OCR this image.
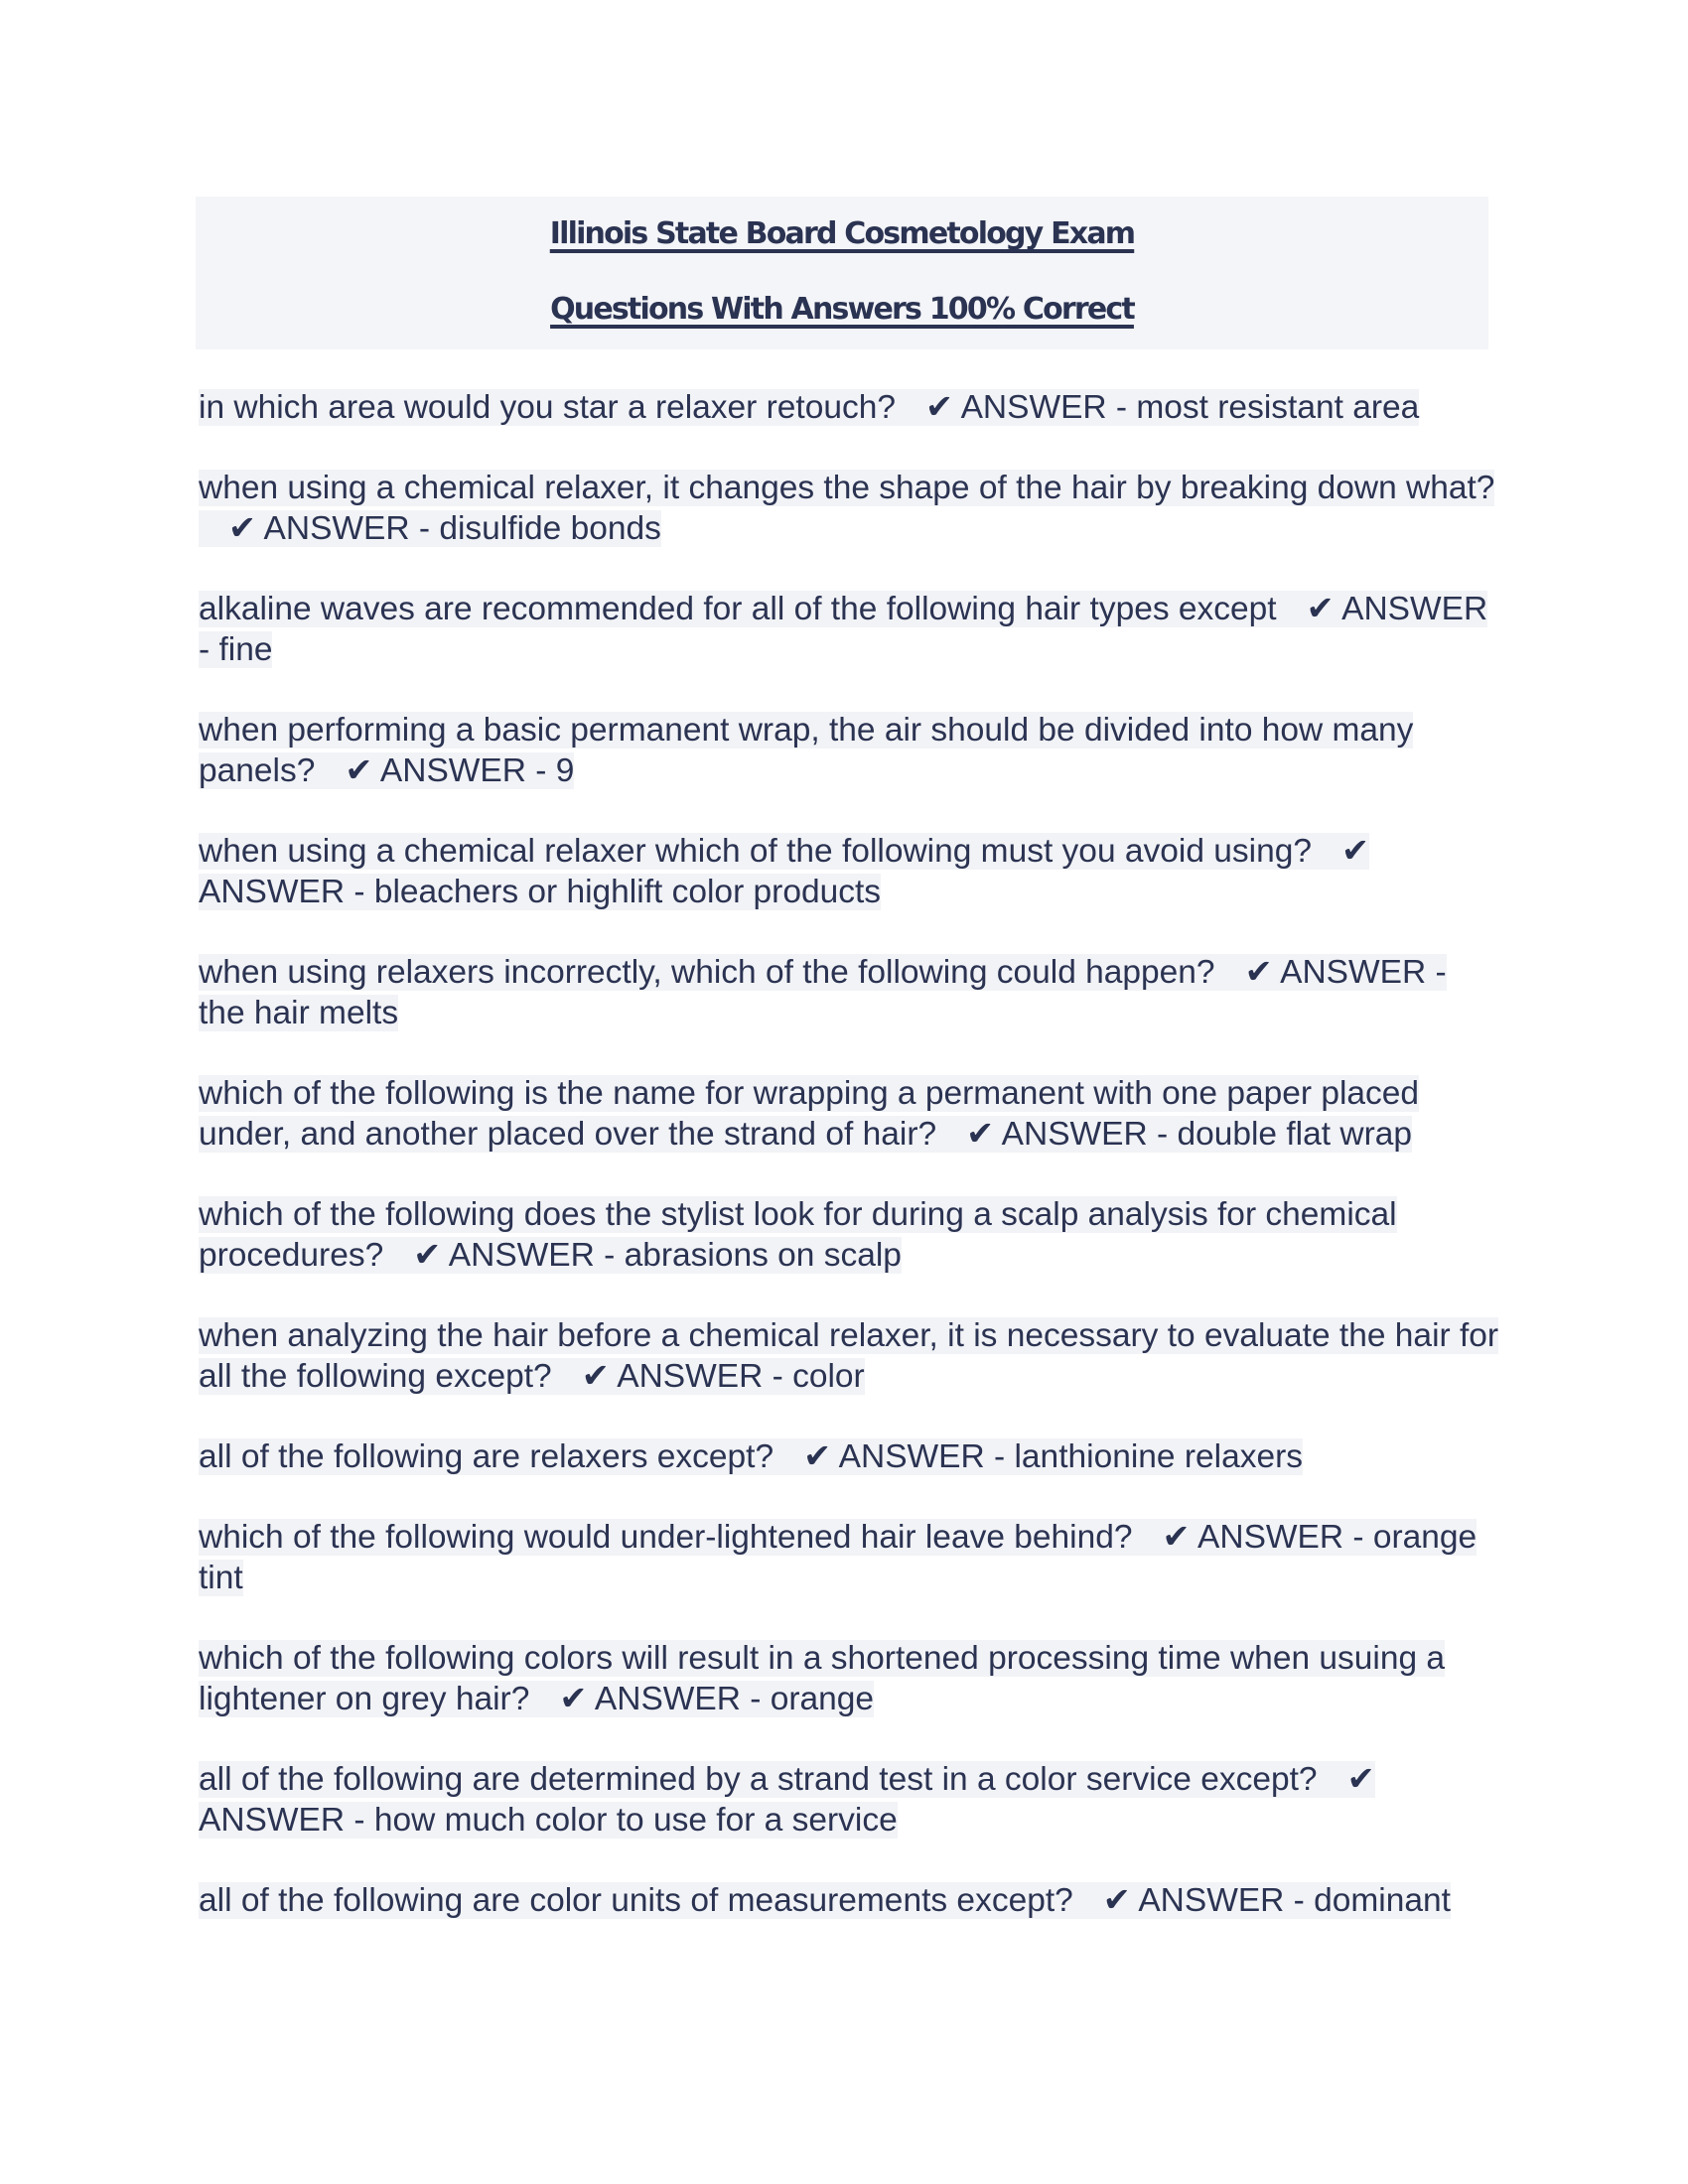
Illinois State Board Cosmetology Exam
Questions With Answers 100% Correct
in which area would you star a relaxer retouch? ✔ ANSWER - most resistant area
when using a chemical relaxer, it changes the shape of the hair by breaking down what?✔ ANSWER - disulfide bonds
alkaline waves are recommended for all of the following hair types except ✔ ANSWER - fine
when performing a basic permanent wrap, the air should be divided into how many panels? ✔ ANSWER - 9
when using a chemical relaxer which of the following must you avoid using? ✔ ANSWER - bleachers or highlift color products
when using relaxers incorrectly, which of the following could happen? ✔ ANSWER - the hair melts
which of the following is the name for wrapping a permanent with one paper placed under, and another placed over the strand of hair? ✔ ANSWER - double flat wrap
which of the following does the stylist look for during a scalp analysis for chemical procedures? ✔ ANSWER - abrasions on scalp
when analyzing the hair before a chemical relaxer, it is necessary to evaluate the hair for all the following except? ✔ ANSWER - color
all of the following are relaxers except? ✔ ANSWER - lanthionine relaxers
which of the following would under-lightened hair leave behind? ✔ ANSWER - orange tint
which of the following colors will result in a shortened processing time when usuing a lightener on grey hair? ✔ ANSWER - orange
all of the following are determined by a strand test in a color service except? ✔ ANSWER - how much color to use for a service
all of the following are color units of measurements except? ✔ ANSWER - dominant
